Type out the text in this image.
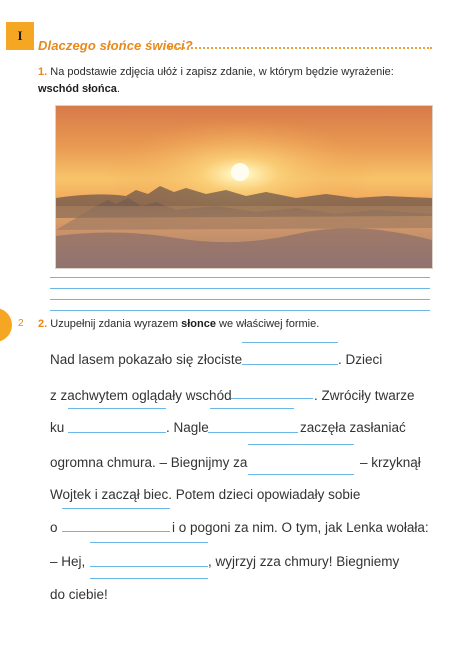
I
Dlaczego słońce świeci?
1. Na podstawie zdjęcia ułóż i zapisz zdanie, w którym będzie wyrażenie: wschód słońca.
2 2. Uzupełnij zdania wyrazem słonce we właściwej formie.
Nad lasem pokazało się złociste	. Dzieci
z zachwytem oglądały wschód	. Zwróciły twarze
ku	. Nagle	zaczęła zasłaniać
ogromna chmura. – Biegnijmy za	– krzyknął
Wojtek i zaczął biec. Potem dzieci opowiadały sobie
o	i o pogoni za nim. O tym, jak Lenka wołała:
– Hej,	, wyjrzyj zza chmury! Biegniemy
do ciebie!
